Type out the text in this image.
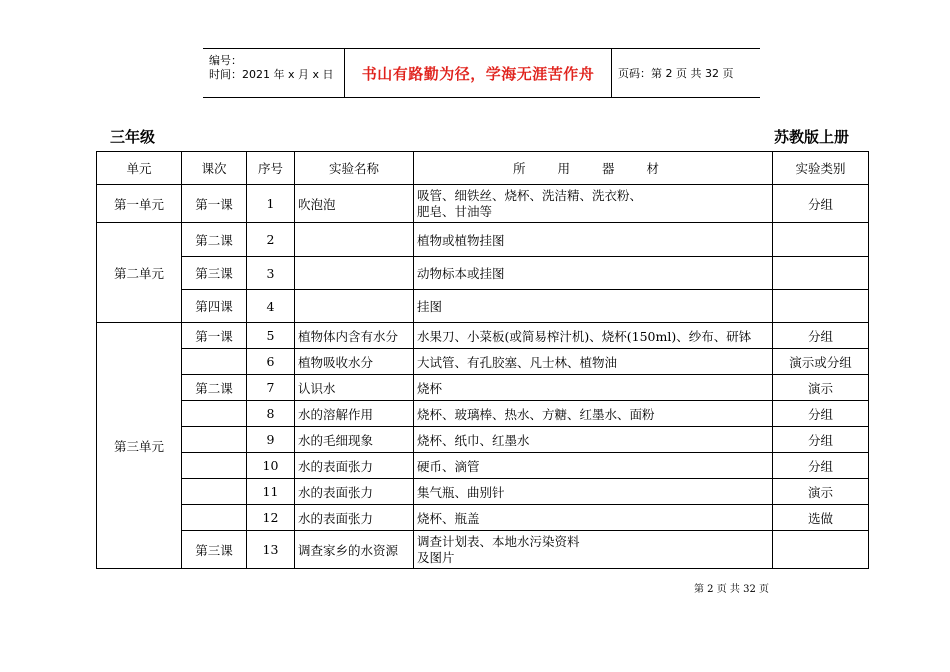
编号：
时间：2021 年 x 月 x 日 书山有路勤为径，学海无涯苦作舟 页码：第 2 页 共 32 页
三年级	苏教版上册
单元	课次	序号	实验名称	所 用 器 材	实验类别
第一单元	第一课	1	吹泡泡	吸管、细铁丝、烧杯、洗洁精、洗衣粉、
肥皂、甘油等	分组
第二单元	第二课	2		植物或植物挂图	
	第三课	3		动物标本或挂图	
	第四课	4		挂图	
第三单元	第一课	5	植物体内含有水分	水果刀、小菜板(或简易榨汁机)、烧杯(150ml)、纱布、研钵	分组
		6	植物吸收水分	大试管、有孔胶塞、凡士林、植物油	演示或分组
	第二课	7	认识水	烧杯	演示
		8	水的溶解作用	烧杯、玻璃棒、热水、方糖、红墨水、面粉	分组
		9	水的毛细现象	烧杯、纸巾、红墨水	分组
		10	水的表面张力	硬币、滴管	分组
		11	水的表面张力	集气瓶、曲别针	演示
		12	水的表面张力	烧杯、瓶盖	选做
	第三课	13	调查家乡的水资源	调查计划表、本地水污染资料
及图片	

第 2 页 共 32 页
